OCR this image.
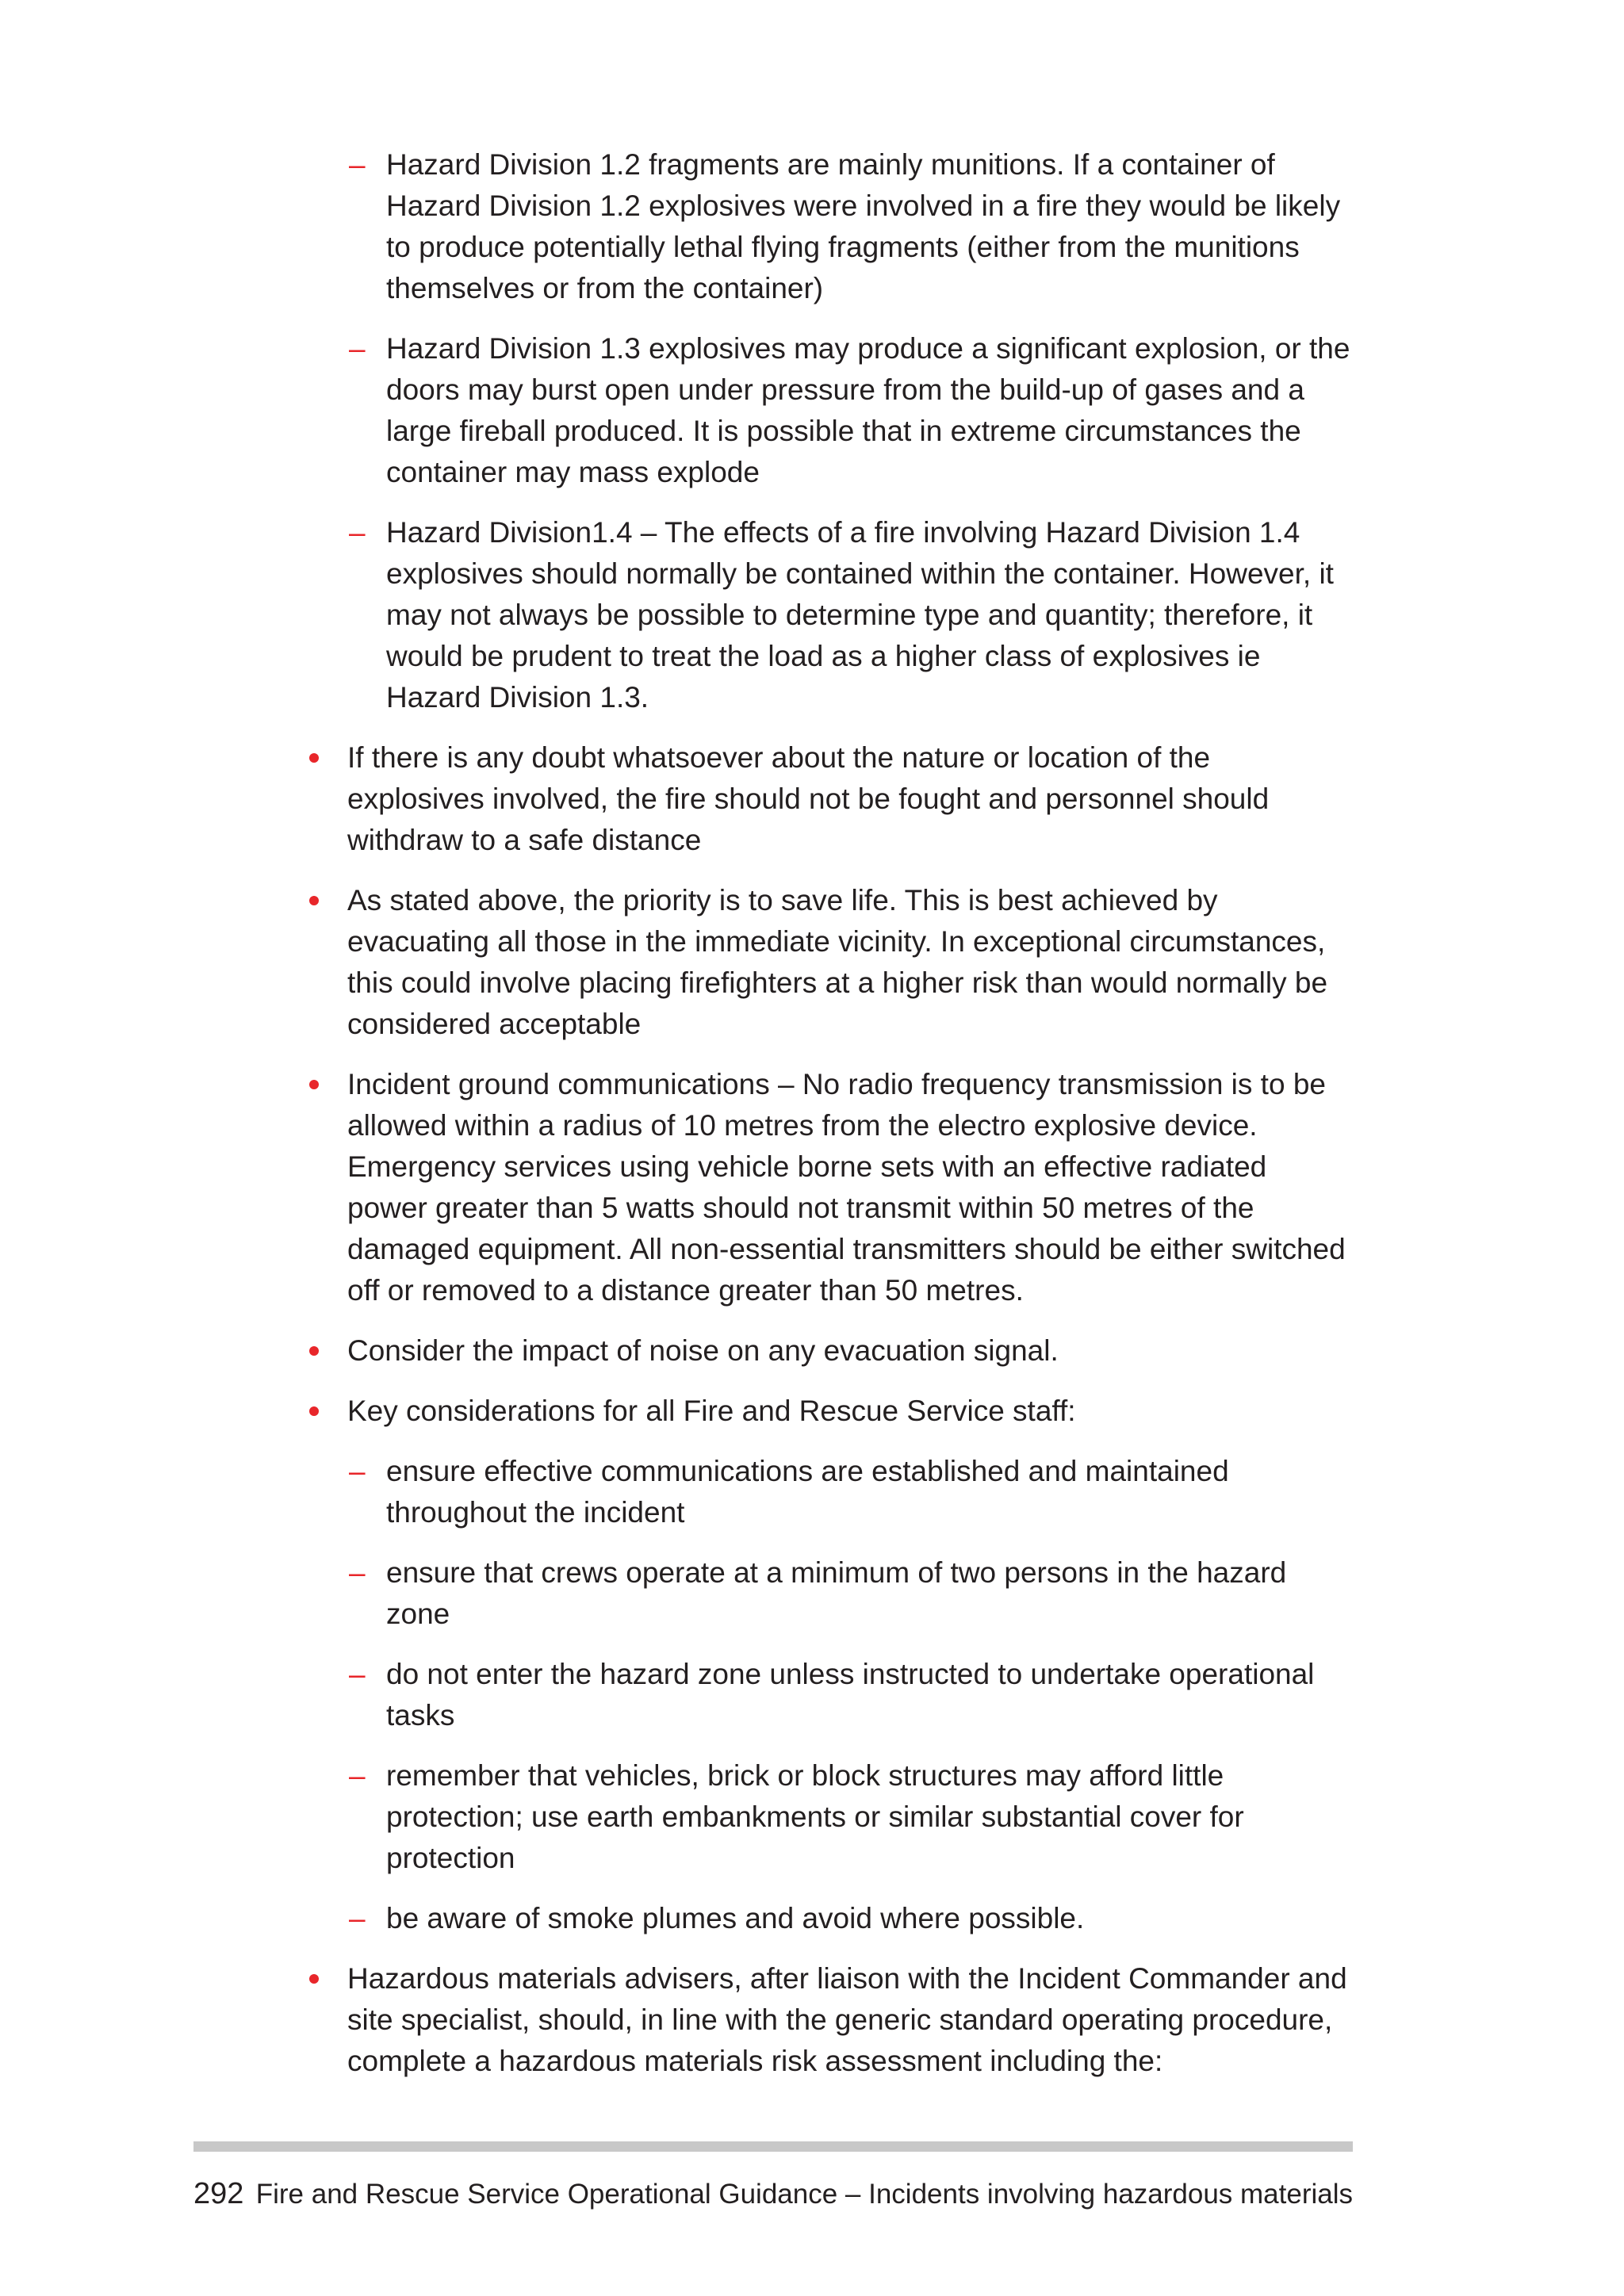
– Hazard Division 1.2 fragments are mainly munitions. If a container of Hazard Division 1.2 explosives were involved in a fire they would be likely to produce potentially lethal flying fragments (either from the munitions themselves or from the container)
– Hazard Division 1.3 explosives may produce a significant explosion, or the doors may burst open under pressure from the build-up of gases and a large fireball produced. It is possible that in extreme circumstances the container may mass explode
– Hazard Division1.4 – The effects of a fire involving Hazard Division 1.4 explosives should normally be contained within the container. However, it may not always be possible to determine type and quantity; therefore, it would be prudent to treat the load as a higher class of explosives ie Hazard Division 1.3.
If there is any doubt whatsoever about the nature or location of the explosives involved, the fire should not be fought and personnel should withdraw to a safe distance
As stated above, the priority is to save life. This is best achieved by evacuating all those in the immediate vicinity. In exceptional circumstances, this could involve placing firefighters at a higher risk than would normally be considered acceptable
Incident ground communications – No radio frequency transmission is to be allowed within a radius of 10 metres from the electro explosive device. Emergency services using vehicle borne sets with an effective radiated power greater than 5 watts should not transmit within 50 metres of the damaged equipment. All non-essential transmitters should be either switched off or removed to a distance greater than 50 metres.
Consider the impact of noise on any evacuation signal.
Key considerations for all Fire and Rescue Service staff:
– ensure effective communications are established and maintained throughout the incident
– ensure that crews operate at a minimum of two persons in the hazard zone
– do not enter the hazard zone unless instructed to undertake operational tasks
– remember that vehicles, brick or block structures may afford little protection; use earth embankments or similar substantial cover for protection
– be aware of smoke plumes and avoid where possible.
Hazardous materials advisers, after liaison with the Incident Commander and site specialist, should, in line with the generic standard operating procedure, complete a hazardous materials risk assessment including the:
292 Fire and Rescue Service Operational Guidance – Incidents involving hazardous materials
